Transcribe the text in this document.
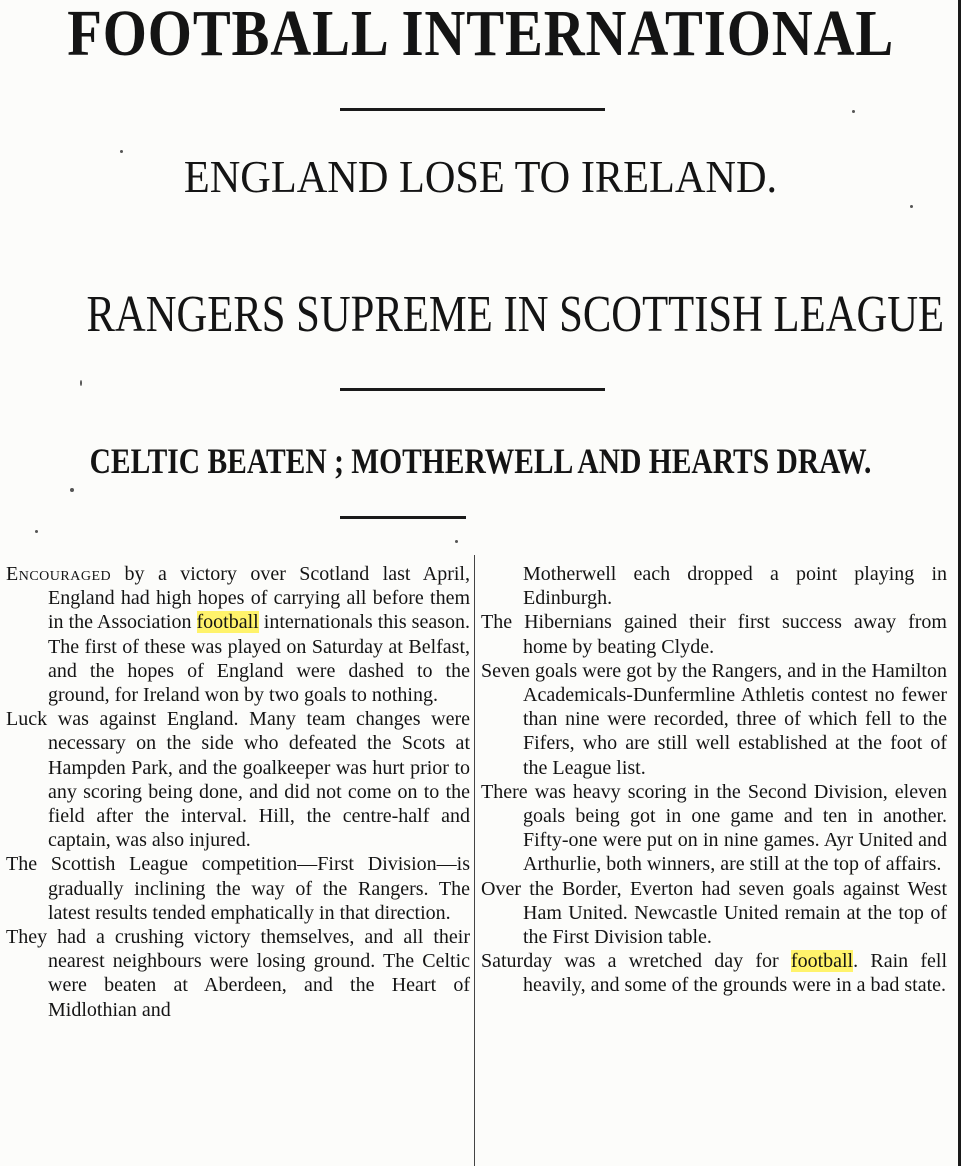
FOOTBALL INTERNATIONAL
ENGLAND LOSE TO IRELAND.
RANGERS SUPREME IN SCOTTISH LEAGUE
CELTIC BEATEN ; MOTHERWELL AND HEARTS DRAW.

Encouraged by a victory over Scotland last April, England had high hopes of carrying all before them in the Association football internationals this season. The first of these was played on Saturday at Belfast, and the hopes of England were dashed to the ground, for Ireland won by two goals to nothing.

Luck was against England. Many team changes were necessary on the side who defeated the Scots at Hampden Park, and the goalkeeper was hurt prior to any scoring being done, and did not come on to the field after the interval. Hill, the centre-half and captain, was also injured.

The Scottish League competition—First Division—is gradually inclining the way of the Rangers. The latest results tended emphatically in that direction.

They had a crushing victory themselves, and all their nearest neighbours were losing ground. The Celtic were beaten at Aberdeen, and the Heart of Midlothian and

Motherwell each dropped a point playing in Edinburgh.

The Hibernians gained their first success away from home by beating Clyde.

Seven goals were got by the Rangers, and in the Hamilton Academicals-Dunfermline Athletis contest no fewer than nine were recorded, three of which fell to the Fifers, who are still well established at the foot of the League list.

There was heavy scoring in the Second Division, eleven goals being got in one game and ten in another. Fifty-one were put on in nine games. Ayr United and Arthurlie, both winners, are still at the top of affairs.

Over the Border, Everton had seven goals against West Ham United. Newcastle United remain at the top of the First Division table.

Saturday was a wretched day for football. Rain fell heavily, and some of the grounds were in a bad state.
